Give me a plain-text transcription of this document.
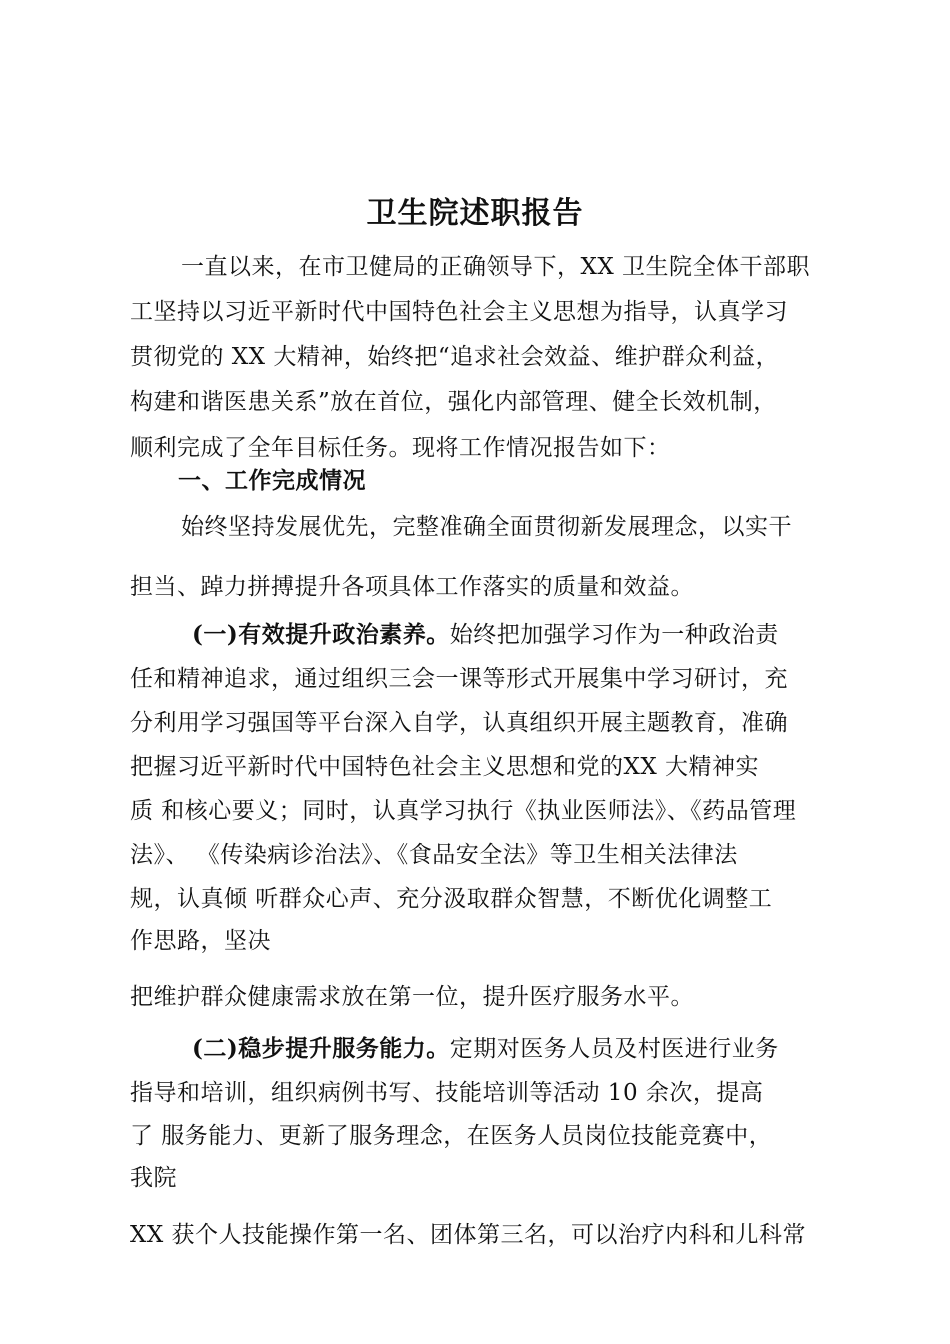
卫生院述职报告
一直以来，在市卫健局的正确领导下，XX 卫生院全体干部职
工坚持以习近平新时代中国特色社会主义思想为指导，认真学习
贯彻党的 XX 大精神，始终把“追求社会效益、维护群众利益，
构建和谐医患关系”放在首位，强化内部管理、健全长效机制，
顺利完成了全年目标任务。现将工作情况报告如下：
一、工作完成情况
始终坚持发展优先，完整准确全面贯彻新发展理念，以实干
担当、踔力拼搏提升各项具体工作落实的质量和效益。
(一)有效提升政治素养。始终把加强学习作为一种政治责
任和精神追求，通过组织三会一课等形式开展集中学习研讨，充
分利用学习强国等平台深入自学，认真组织开展主题教育，准确
把握习近平新时代中国特色社会主义思想和党的XX 大精神实
质 和核心要义；同时，认真学习执行《执业医师法》、《药品管理
法》、 《传染病诊治法》、《食品安全法》等卫生相关法律法
规，认真倾 听群众心声、充分汲取群众智慧，不断优化调整工
作思路，坚决
把维护群众健康需求放在第一位，提升医疗服务水平。
(二)稳步提升服务能力。定期对医务人员及村医进行业务
指导和培训，组织病例书写、技能培训等活动 10 余次，提高
了 服务能力、更新了服务理念，在医务人员岗位技能竞赛中，
我院
XX 获个人技能操作第一名、团体第三名，可以治疗内科和儿科常
